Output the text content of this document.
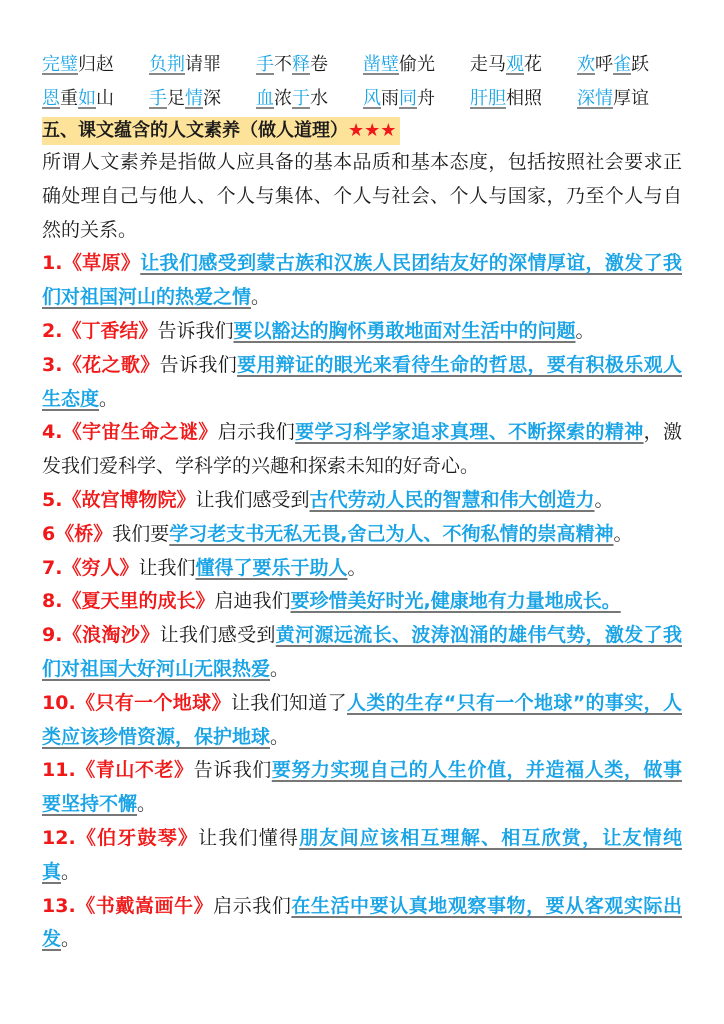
完璧归赵	负荆请罪	手不释卷	凿壁偷光	走马观花	欢呼雀跃
恩重如山	手足情深	血浓于水	风雨同舟	肝胆相照	深情厚谊
五、课文蕴含的人文素养（做人道理）★★★

所谓人文素养是指做人应具备的基本品质和基本态度，包括按照社会要求正确处理自己与他人、个人与集体、个人与社会、个人与国家，乃至个人与自然的关系。

1.《草原》让我们感受到蒙古族和汉族人民团结友好的深情厚谊，激发了我们对祖国河山的热爱之情。

2.《丁香结》告诉我们要以豁达的胸怀勇敢地面对生活中的问题。

3.《花之歌》告诉我们要用辩证的眼光来看待生命的哲思，要有积极乐观人生态度。

4.《宇宙生命之谜》启示我们要学习科学家追求真理、不断探索的精神，激发我们爱科学、学科学的兴趣和探索未知的好奇心。

5.《故宫博物院》让我们感受到古代劳动人民的智慧和伟大创造力。

6《桥》我们要学习老支书无私无畏,舍己为人、不徇私情的崇高精神。

7.《穷人》让我们懂得了要乐于助人。

8.《夏天里的成长》启迪我们要珍惜美好时光,健康地有力量地成长。

9.《浪淘沙》让我们感受到黄河源远流长、波涛汹涌的雄伟气势，激发了我们对祖国大好河山无限热爱。

10.《只有一个地球》让我们知道了人类的生存“只有一个地球”的事实，人类应该珍惜资源，保护地球。

11.《青山不老》告诉我们要努力实现自己的人生价值，并造福人类，做事要坚持不懈。

12.《伯牙鼓琴》让我们懂得朋友间应该相互理解、相互欣赏，让友情纯真。

13.《书戴嵩画牛》启示我们在生活中要认真地观察事物，要从客观实际出发。
